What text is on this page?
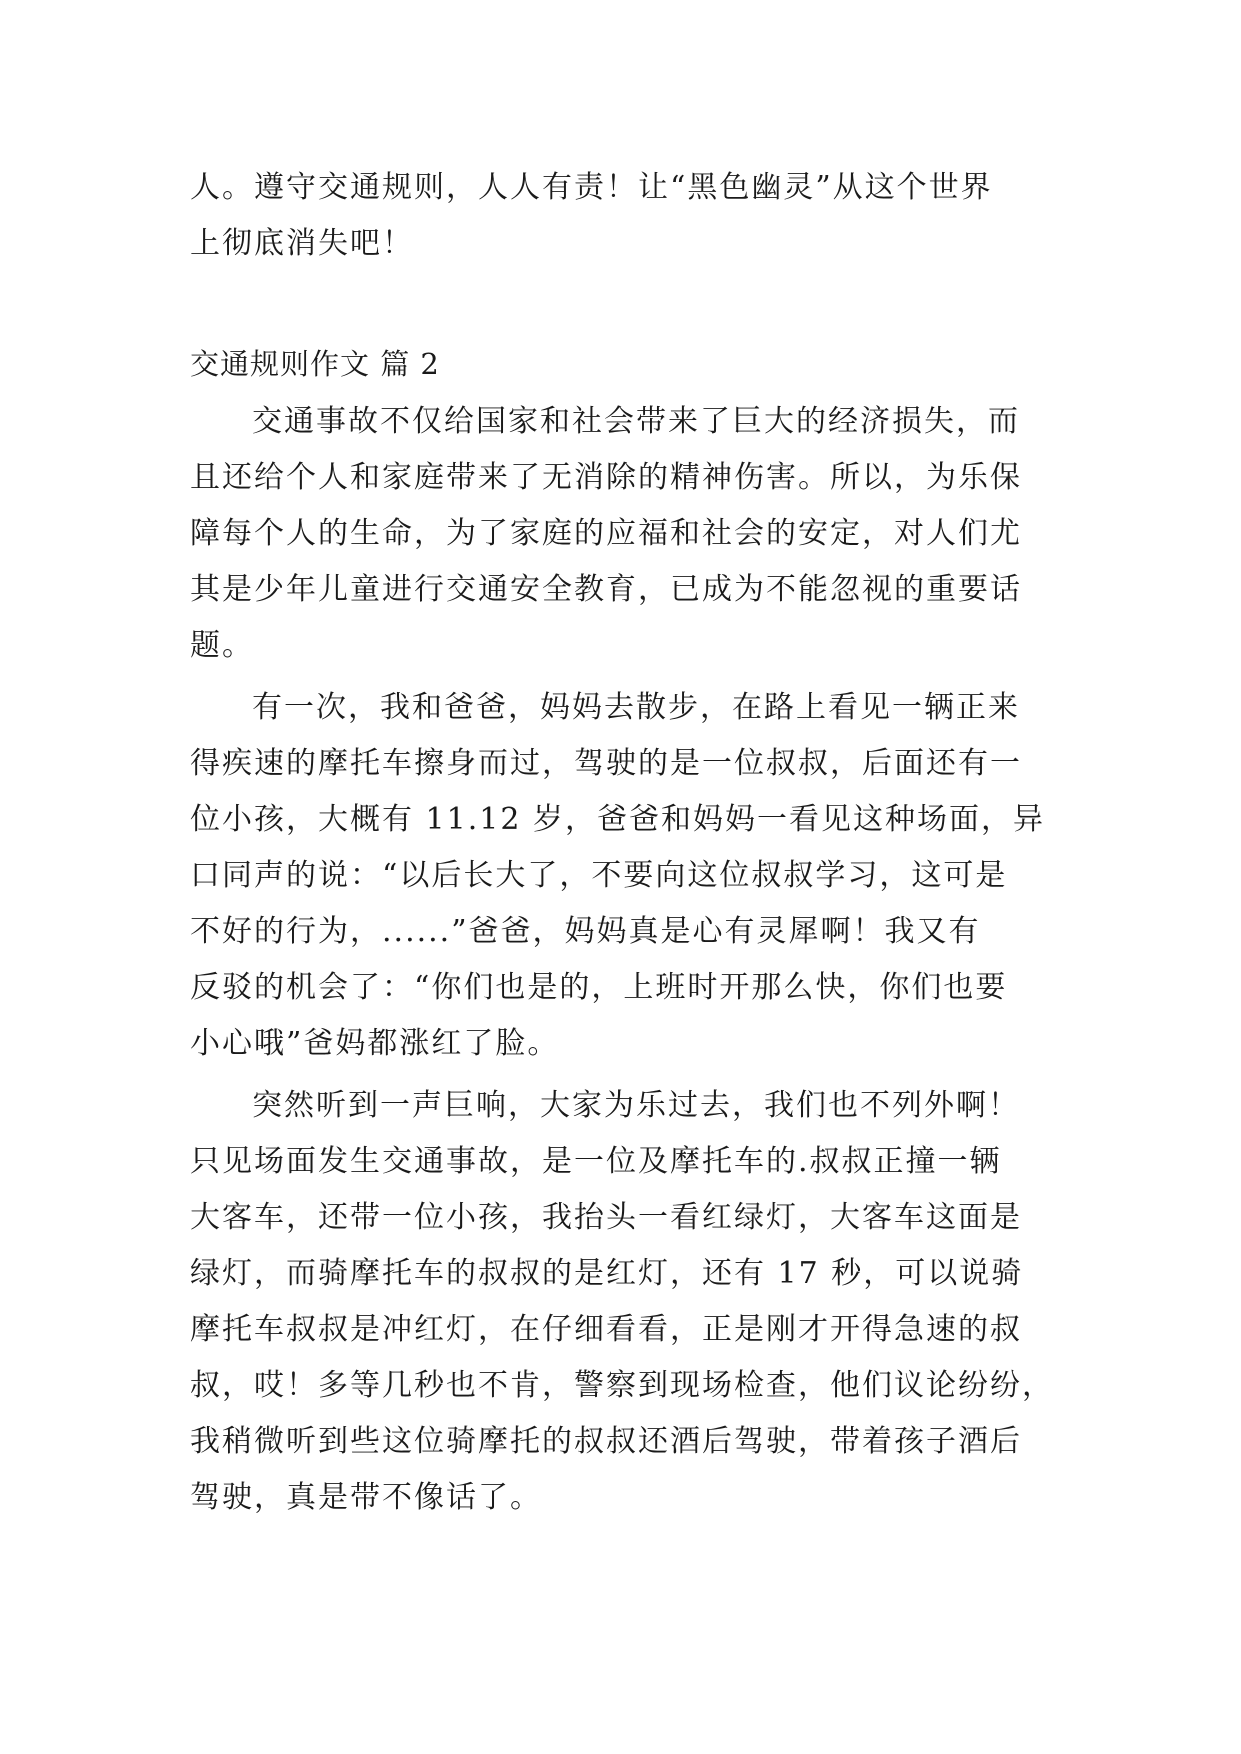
人。遵守交通规则，人人有责！让“黑色幽灵”从这个世界
上彻底消失吧！
交通规则作文 篇 2
交通事故不仅给国家和社会带来了巨大的经济损失，而
且还给个人和家庭带来了无消除的精神伤害。所以，为乐保
障每个人的生命，为了家庭的应福和社会的安定，对人们尤
其是少年儿童进行交通安全教育，已成为不能忽视的重要话
题。
有一次，我和爸爸，妈妈去散步，在路上看见一辆正来
得疾速的摩托车擦身而过，驾驶的是一位叔叔，后面还有一
位小孩，大概有 11.12 岁，爸爸和妈妈一看见这种场面，异
口同声的说：“以后长大了，不要向这位叔叔学习，这可是
不好的行为，......”爸爸，妈妈真是心有灵犀啊！我又有
反驳的机会了：“你们也是的，上班时开那么快，你们也要
小心哦”爸妈都涨红了脸。
突然听到一声巨响，大家为乐过去，我们也不列外啊！
只见场面发生交通事故，是一位及摩托车的.叔叔正撞一辆
大客车，还带一位小孩，我抬头一看红绿灯，大客车这面是
绿灯，而骑摩托车的叔叔的是红灯，还有 17 秒，可以说骑
摩托车叔叔是冲红灯，在仔细看看，正是刚才开得急速的叔
叔，哎！多等几秒也不肯，警察到现场检查，他们议论纷纷，
我稍微听到些这位骑摩托的叔叔还酒后驾驶，带着孩子酒后
驾驶，真是带不像话了。
